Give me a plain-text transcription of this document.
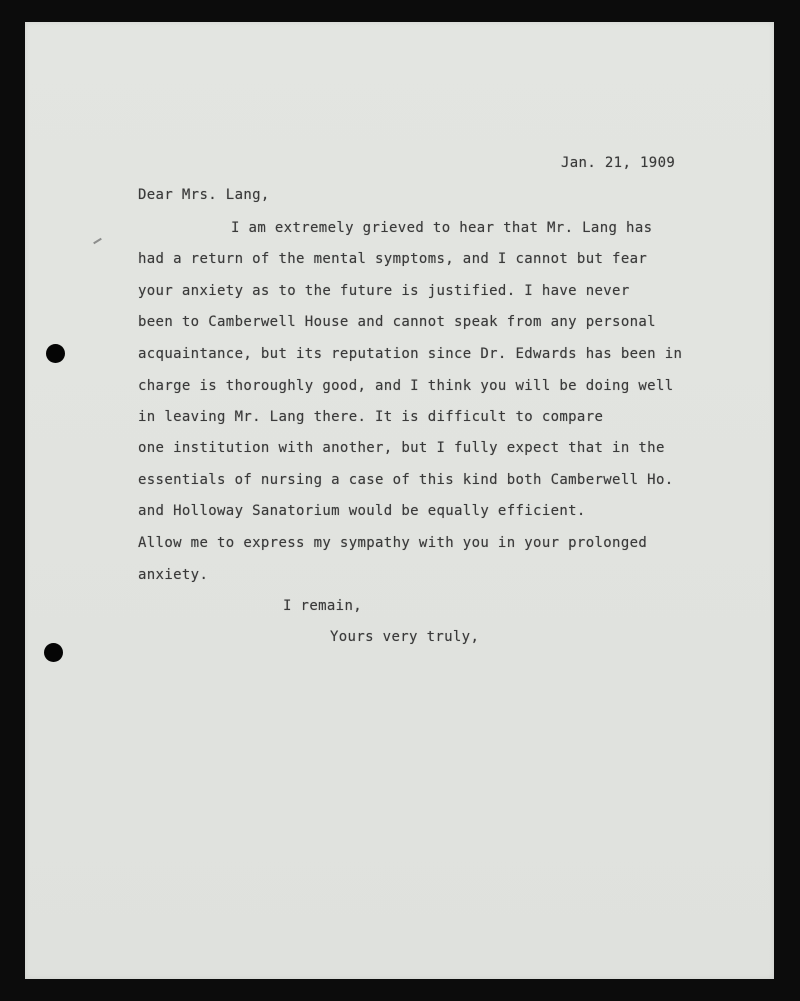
Jan. 21, 1909
Dear Mrs. Lang,
I am extremely grieved to hear that Mr. Lang has
had a return of the mental symptoms, and I cannot but fear
your anxiety as to the future is justified. I have never
been to Camberwell House and cannot speak from any personal
acquaintance, but its reputation since Dr. Edwards has been in
charge is thoroughly good, and I think you will be doing well
in leaving Mr. Lang there. It is difficult to compare
one institution with another, but I fully expect that in the
essentials of nursing a case of this kind both Camberwell Ho.
and Holloway Sanatorium would be equally efficient.
Allow me to express my sympathy with you in your prolonged
anxiety.
I remain,
Yours very truly,
